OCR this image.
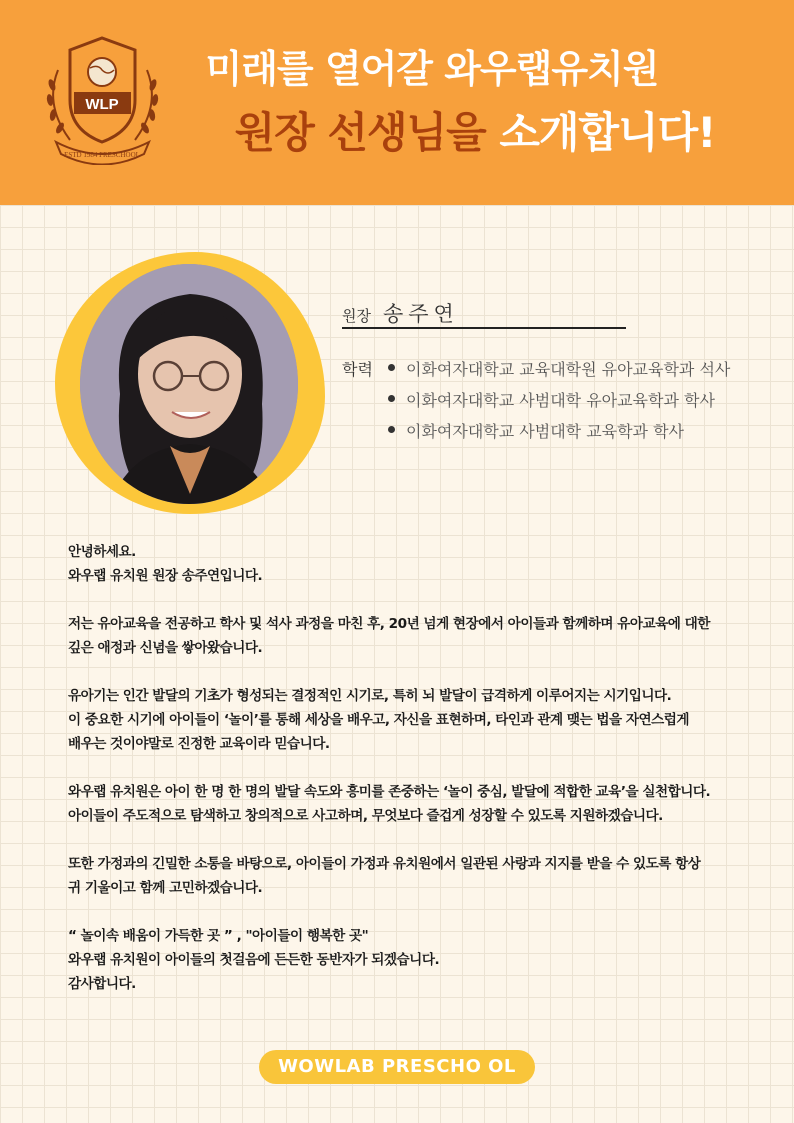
WLP
ESTD 1984 PRESCHOOL
미래를 열어갈 와우랩유치원
원장 선생님을 소개합니다!
원장 송주연
학력 이화여자대학교 교육대학원 유아교육학과 석사
이화여자대학교 사범대학 유아교육학과 학사
이화여자대학교 사범대학 교육학과 학사

안녕하세요.

와우랩 유치원 원장 송주연입니다.

저는 유아교육을 전공하고 학사 및 석사 과정을 마친 후, 20년 넘게 현장에서 아이들과 함께하며 유아교육에 대한

깊은 애정과 신념을 쌓아왔습니다.

유아기는 인간 발달의 기초가 형성되는 결정적인 시기로, 특히 뇌 발달이 급격하게 이루어지는 시기입니다.

이 중요한 시기에 아이들이 ‘놀이’를 통해 세상을 배우고, 자신을 표현하며, 타인과 관계 맺는 법을 자연스럽게

배우는 것이야말로 진정한 교육이라 믿습니다.

와우랩 유치원은 아이 한 명 한 명의 발달 속도와 흥미를 존중하는 ‘놀이 중심, 발달에 적합한 교육’을 실천합니다.

아이들이 주도적으로 탐색하고 창의적으로 사고하며, 무엇보다 즐겁게 성장할 수 있도록 지원하겠습니다.

또한 가정과의 긴밀한 소통을 바탕으로, 아이들이 가정과 유치원에서 일관된 사랑과 지지를 받을 수 있도록 항상

귀 기울이고 함께 고민하겠습니다.

“ 놀이속 배움이 가득한 곳 ” , "아이들이 행복한 곳"

와우랩 유치원이 아이들의 첫걸음에 든든한 동반자가 되겠습니다.

감사합니다.

WOWLAB PRESCHO OL
